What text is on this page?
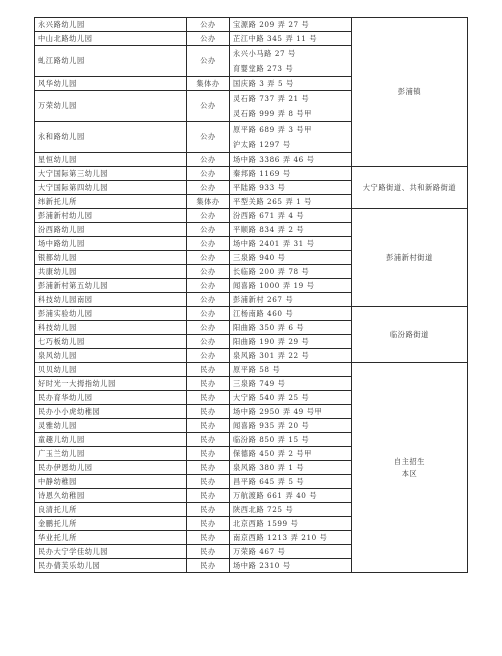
永兴路幼儿园	公办	宝源路 209 弄 27 号	彭浦镇
中山北路幼儿园	公办	芷江中路 345 弄 11 号	
虬江路幼儿园	公办	永兴小马路 27 号
育婴堂路 273 号	

风华幼儿园	集体办	国庆路 3 弄 5 号	
万荣幼儿园	公办	灵石路 737 弄 21 号
灵石路 999 弄 8 号甲	

永和路幼儿园	公办	原平路 689 弄 3 号甲
沪太路 1297 号	

星恒幼儿园	公办	场中路 3386 弄 46 号	
大宁国际第三幼儿园	公办	秦邦路 1169 号	大宁路街道、共和新路街道
大宁国际第四幼儿园	公办	平陆路 933 号	
纬新托儿所	集体办	平型关路 265 弄 1 号	
彭浦新村幼儿园	公办	汾西路 671 弄 4 号	彭浦新村街道
汾西路幼儿园	公办	平顺路 834 弄 2 号	
场中路幼儿园	公办	场中路 2401 弄 31 号	
银都幼儿园	公办	三泉路 940 号	
共康幼儿园	公办	长临路 200 弄 78 号	
彭浦新村第五幼儿园	公办	闻喜路 1000 弄 19 号	
科技幼儿园南园	公办	彭浦新村 267 号	
彭浦实验幼儿园	公办	江杨南路 460 号	临汾路街道
科技幼儿园	公办	阳曲路 350 弄 6 号	
七巧板幼儿园	公办	阳曲路 190 弄 29 号	
泉风幼儿园	公办	泉风路 301 弄 22 号	
贝贝幼儿园	民办	原平路 58 号	自主招生
本区
好时光一大拇指幼儿园	民办	三泉路 749 号	
民办育华幼儿园	民办	大宁路 540 弄 25 号	
民办小小虎幼稚园	民办	场中路 2950 弄 49 号甲	
灵雅幼儿园	民办	闻喜路 935 弄 20 号	
童趣儿幼儿园	民办	临汾路 850 弄 15 号	
广玉兰幼儿园	民办	保德路 450 弄 2 号甲	
民办伊恩幼儿园	民办	泉风路 380 弄 1 号	
中静幼稚园	民办	昌平路 645 弄 5 号	
诗恩久幼稚园	民办	万航渡路 661 弄 40 号	
良清托儿所	民办	陕西北路 725 号	
金鹏托儿所	民办	北京西路 1599 号	
华业托儿所	民办	南京西路 1213 弄 210 号	
民办大宁学佳幼儿园	民办	万荣路 467 号	
民办倩芙乐幼儿园	民办	场中路 2310 号	
